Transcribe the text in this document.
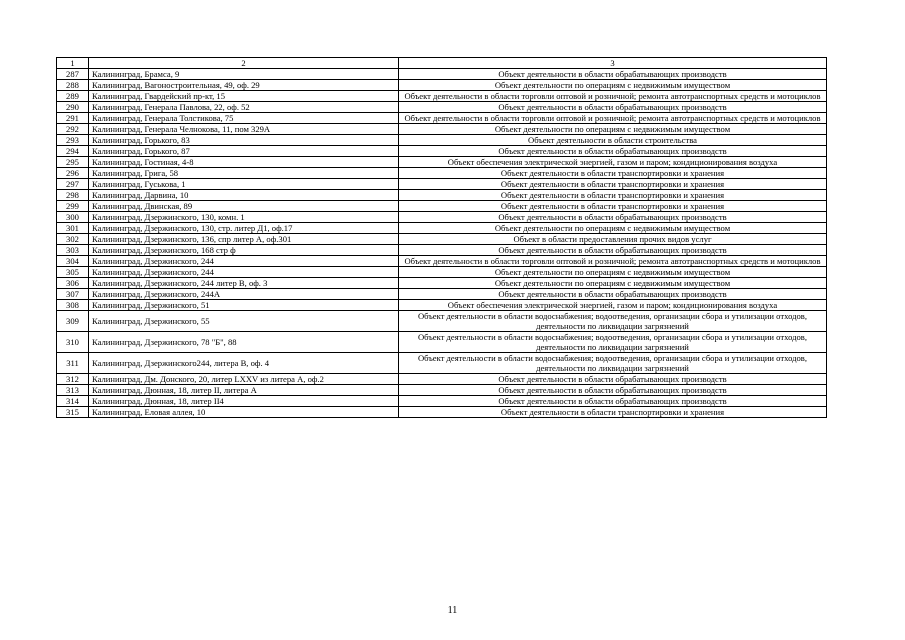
1	2	3
287	Калининград, Брамса, 9	Объект деятельности в области обрабатывающих производств
288	Калининград, Вагоностроительная, 49, оф. 29	Объект деятельности по операциям с недвижимым имуществом
289	Калининград, Гвардейский пр-кт, 15	Объект деятельности в области торговли оптовой и розничной; ремонта автотранспортных средств и мотоциклов
290	Калининград, Генерала Павлова, 22, оф. 52	Объект деятельности в области обрабатывающих производств
291	Калининград, Генерала Толстикова, 75	Объект деятельности в области торговли оптовой и розничной; ремонта автотранспортных средств и мотоциклов
292	Калининград, Генерала Челнокова, 11, пом 329А	Объект деятельности по операциям с недвижимым имуществом
293	Калининград, Горького, 83	Объект деятельности в области строительства
294	Калининград, Горького, 87	Объект деятельности в области обрабатывающих производств
295	Калининград, Гостиная, 4-8	Объект обеспечения электрической энергией, газом и паром; кондиционирования воздуха
296	Калининград, Грига, 58	Объект деятельности в области транспортировки и хранения
297	Калининград, Гуськова, 1	Объект деятельности в области транспортировки и хранения
298	Калининград, Дарвина, 10	Объект деятельности в области транспортировки и хранения
299	Калининград, Двинская, 89	Объект деятельности в области транспортировки и хранения
300	Калининград, Дзержинского, 130, комн. 1	Объект деятельности в области обрабатывающих производств
301	Калининград, Дзержинского, 130, стр. литер Д1, оф.17	Объект деятельности по операциям с недвижимым имуществом
302	Калининград, Дзержинского, 136, спр литер А, оф.301	Объект в области предоставления прочих видов услуг
303	Калининград, Дзержинского, 168 стр ф	Объект деятельности в области обрабатывающих производств
304	Калининград, Дзержинского, 244	Объект деятельности в области торговли оптовой и розничной; ремонта автотранспортных средств и мотоциклов
305	Калининград, Дзержинского, 244	Объект деятельности по операциям с недвижимым имуществом
306	Калининград, Дзержинского, 244 литер В, оф. 3	Объект деятельности по операциям с недвижимым имуществом
307	Калининград, Дзержинского, 244А	Объект деятельности в области обрабатывающих производств
308	Калининград, Дзержинского, 51	Объект обеспечения электрической энергией, газом и паром; кондиционирования воздуха
309	Калининград, Дзержинского, 55	Объект деятельности в области водоснабжения; водоотведения, организации сбора и утилизации отходов, деятельности по ликвидации загрязнений
310	Калининград, Дзержинского, 78 "Б", 88	Объект деятельности в области водоснабжения; водоотведения, организации сбора и утилизации отходов, деятельности по ликвидации загрязнений
311	Калининград, Дзержинского244, литера В, оф. 4	Объект деятельности в области водоснабжения; водоотведения, организации сбора и утилизации отходов, деятельности по ликвидации загрязнений
312	Калининград, Дм. Донского, 20, литер LXXV из литера А, оф.2	Объект деятельности в области обрабатывающих производств
313	Калининград, Дюнная, 18, литер II, литера А	Объект деятельности в области обрабатывающих производств
314	Калининград, Дюнная, 18, литер II4	Объект деятельности в области обрабатывающих производств
315	Калининград, Еловая аллея, 10	Объект деятельности в области транспортировки и хранения
11
